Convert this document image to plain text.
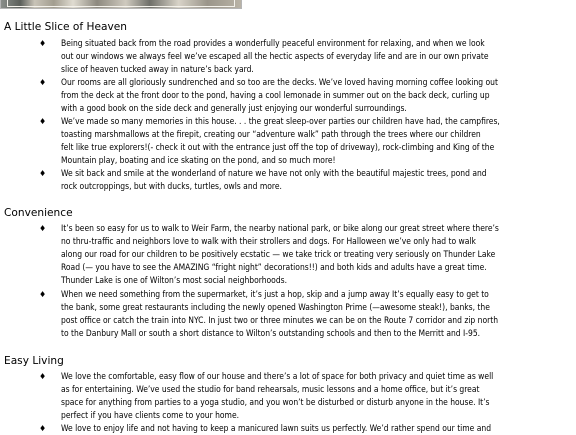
A Little Slice of Heaven
♦ Being situated back from the road provides a wonderfully peaceful environment for relaxing, and when we look
out our windows we always feel we’ve escaped all the hectic aspects of everyday life and are in our own private
slice of heaven tucked away in nature’s back yard.
♦ Our rooms are all gloriously sundrenched and so too are the decks. We’ve loved having morning coffee looking out
from the deck at the front door to the pond, having a cool lemonade in summer out on the back deck, curling up
with a good book on the side deck and generally just enjoying our wonderful surroundings.
♦ We’ve made so many memories in this house. . . the great sleep-over parties our children have had, the campfires,
toasting marshmallows at the firepit, creating our “adventure walk” path through the trees where our children
felt like true explorers!(- check it out with the entrance just off the top of driveway), rock-climbing and King of the
Mountain play, boating and ice skating on the pond, and so much more!
♦ We sit back and smile at the wonderland of nature we have not only with the beautiful majestic trees, pond and
rock outcroppings, but with ducks, turtles, owls and more.
Convenience
♦ It’s been so easy for us to walk to Weir Farm, the nearby national park, or bike along our great street where there’s
no thru-traffic and neighbors love to walk with their strollers and dogs. For Halloween we’ve only had to walk
along our road for our children to be positively ecstatic — we take trick or treating very seriously on Thunder Lake
Road (— you have to see the AMAZING “fright night” decorations!!) and both kids and adults have a great time.
Thunder Lake is one of Wilton’s most social neighborhoods.
♦ When we need something from the supermarket, it’s just a hop, skip and a jump away It’s equally easy to get to
the bank, some great restaurants including the newly opened Washington Prime (—awesome steak!), banks, the
post office or catch the train into NYC. In just two or three minutes we can be on the Route 7 corridor and zip north
to the Danbury Mall or south a short distance to Wilton’s outstanding schools and then to the Merritt and I-95.
Easy Living
♦ We love the comfortable, easy flow of our house and there’s a lot of space for both privacy and quiet time as well
as for entertaining. We’ve used the studio for band rehearsals, music lessons and a home office, but it’s great
space for anything from parties to a yoga studio, and you won’t be disturbed or disturb anyone in the house. It’s
perfect if you have clients come to your home.
♦ We love to enjoy life and not having to keep a manicured lawn suits us perfectly. We’d rather spend our time and
